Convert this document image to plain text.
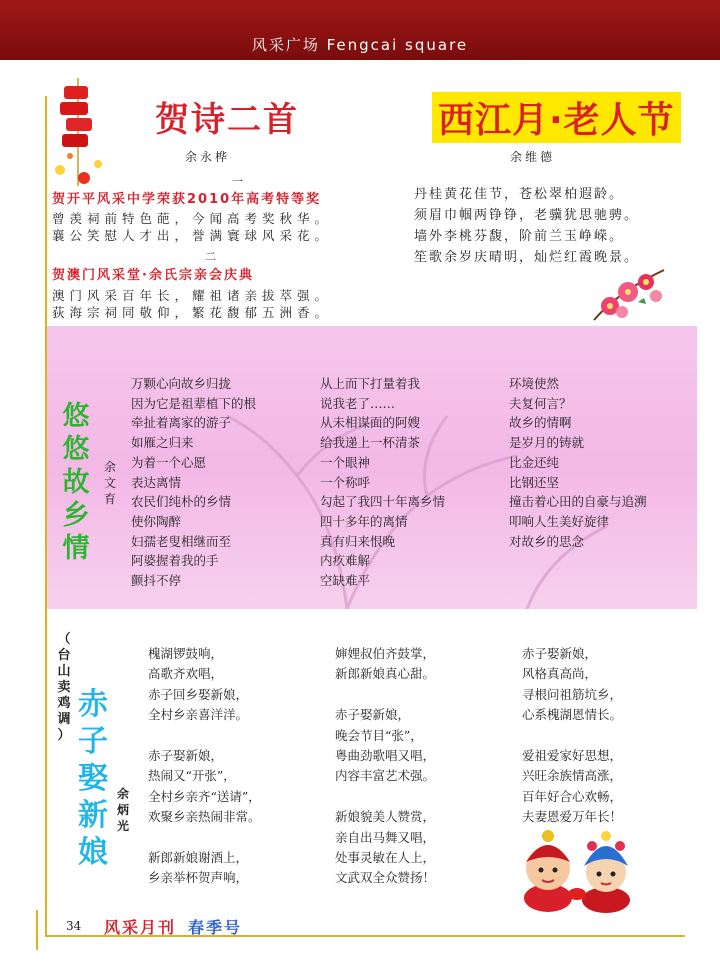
风采广场 Fengcai square
贺诗二首
余永桦
一
贺开平风采中学荣获2010年高考特等奖
曾羡祠前特色葩，今闻高考奖秋华。
襄公笑慰人才出，誉满寰球风采花。
二
贺澳门风采堂·余氏宗亲会庆典
澳门风采百年长，耀祖诸亲拔萃强。
荻海宗祠同敬仰，繁花馥郁五洲香。
西江月·老人节
余维德
丹桂黄花佳节，苍松翠柏遐龄。
须眉巾帼两铮铮，老骥犹思驰骋。
墙外李桃芬馥，阶前兰玉峥嵘。
笙歌余岁庆晴明，灿烂红霞晚景。
悠
悠
故
乡
情
余
文
育
万颗心向故乡归拢
因为它是祖辈植下的根
牵扯着离家的游子
如雁之归来
为着一个心愿
表达离情
农民们纯朴的乡情
使你陶醉
妇孺老叟相继而至
阿婆握着我的手
颤抖不停
从上而下打量着我
说我老了……
从未相谋面的阿嫂
给我递上一杯清茶
一个眼神
一个称呼
勾起了我四十年离乡情
四十多年的离情
真有归来恨晚
内疚难解
空缺难平
环境使然
夫复何言？
故乡的情啊
是岁月的铸就
比金还纯
比钢还坚
撞击着心田的自豪与追溯
叩响人生美好旋律
对故乡的思念
（
台
山
卖
鸡
调
）
赤
子
娶
新
娘
余
炳
光
槐湖锣鼓响，
高歌齐欢唱，
赤子回乡娶新娘，
全村乡亲喜洋洋。
赤子娶新娘，
热闹又“开张”，
全村乡亲齐“送请”，
欢聚乡亲热闹非常。
新郎新娘谢酒上，
乡亲举杯贺声响，
婶娌叔伯齐鼓掌，
新郎新娘真心甜。
赤子娶新娘，
晚会节目“张”，
粤曲劲歌唱又唱，
内容丰富艺术强。
新娘貌美人赞赏，
亲自出马舞又唱，
处事灵敏在人上，
文武双全众赞扬！
赤子娶新娘，
风格真高尚，
寻根问祖筋坑乡，
心系槐湖恩情长。
爱祖爱家好思想，
兴旺余族情高涨，
百年好合心欢畅，
夫妻恩爱万年长！
34 风采月刊 春季号
